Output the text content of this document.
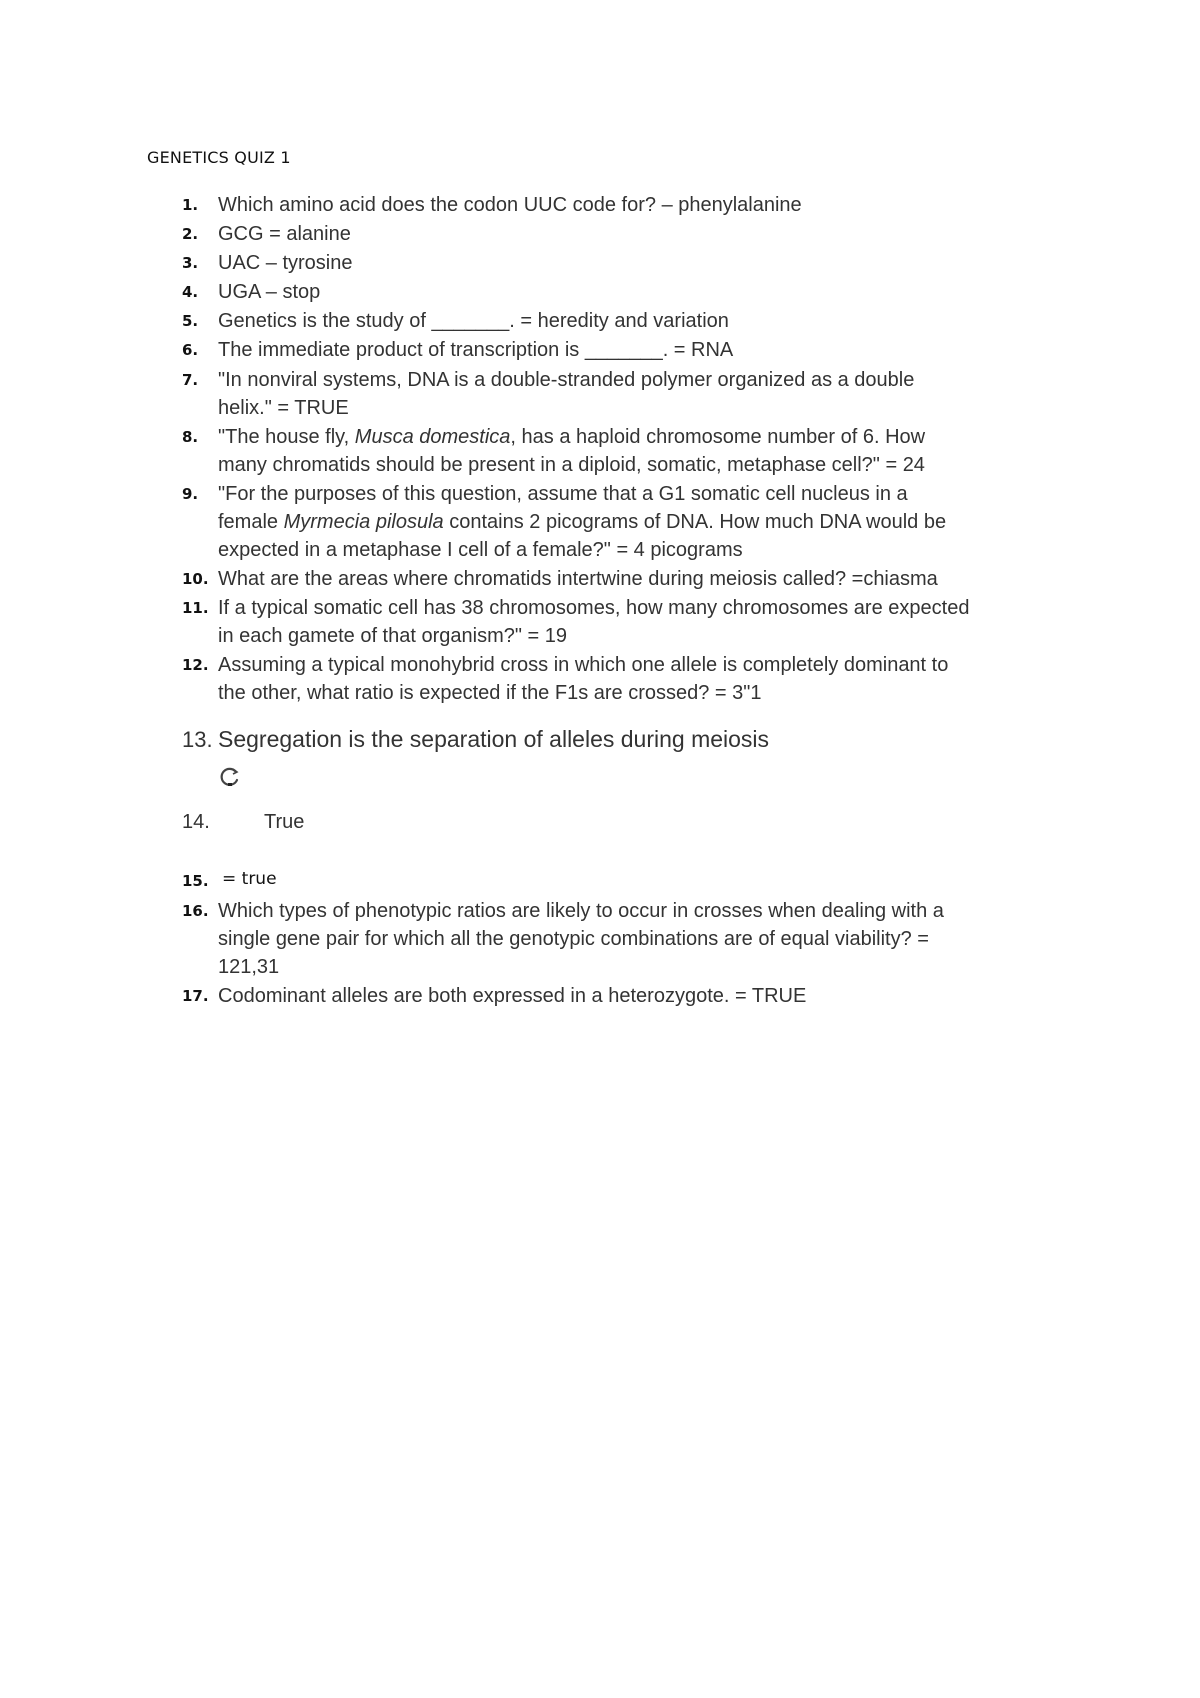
GENETICS QUIZ 1
1. Which amino acid does the codon UUC code for? – phenylalanine
2. GCG = alanine
3. UAC – tyrosine
4. UGA – stop
5. Genetics is the study of _______. = heredity and variation
6. The immediate product of transcription is _______. = RNA
7. "In nonviral systems, DNA is a double-stranded polymer organized as a double
helix." = TRUE
8. "The house fly, Musca domestica, has a haploid chromosome number of 6. How
many chromatids should be present in a diploid, somatic, metaphase cell?" = 24
9. "For the purposes of this question, assume that a G1 somatic cell nucleus in a
female Myrmecia pilosula contains 2 picograms of DNA. How much DNA would be
expected in a metaphase I cell of a female?" = 4 picograms
10. What are the areas where chromatids intertwine during meiosis called? =chiasma
11. If a typical somatic cell has 38 chromosomes, how many chromosomes are expected
in each gamete of that organism?" = 19
12. Assuming a typical monohybrid cross in which one allele is completely dominant to
the other, what ratio is expected if the F1s are crossed? = 3"1
13. Segregation is the separation of alleles during meiosis
14.	True
15. = true
16. Which types of phenotypic ratios are likely to occur in crosses when dealing with a
single gene pair for which all the genotypic combinations are of equal viability? =
121,31
17. Codominant alleles are both expressed in a heterozygote. = TRUE
